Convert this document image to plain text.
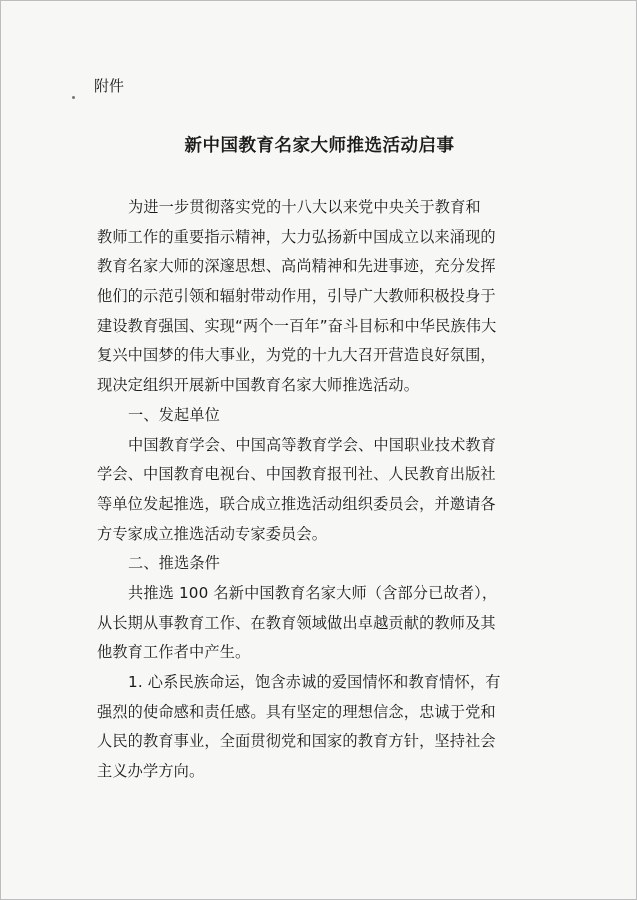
附件
新中国教育名家大师推选活动启事
为进一步贯彻落实党的十八大以来党中央关于教育和
教师工作的重要指示精神，大力弘扬新中国成立以来涌现的
教育名家大师的深邃思想、高尚精神和先进事迹，充分发挥
他们的示范引领和辐射带动作用，引导广大教师积极投身于
建设教育强国、实现“两个一百年”奋斗目标和中华民族伟大
复兴中国梦的伟大事业，为党的十九大召开营造良好氛围，
现决定组织开展新中国教育名家大师推选活动。
一、发起单位
中国教育学会、中国高等教育学会、中国职业技术教育
学会、中国教育电视台、中国教育报刊社、人民教育出版社
等单位发起推选，联合成立推选活动组织委员会，并邀请各
方专家成立推选活动专家委员会。
二、推选条件
共推选 100 名新中国教育名家大师（含部分已故者），
从长期从事教育工作、在教育领域做出卓越贡献的教师及其
他教育工作者中产生。
1. 心系民族命运，饱含赤诚的爱国情怀和教育情怀，有
强烈的使命感和责任感。具有坚定的理想信念，忠诚于党和
人民的教育事业，全面贯彻党和国家的教育方针，坚持社会
主义办学方向。
